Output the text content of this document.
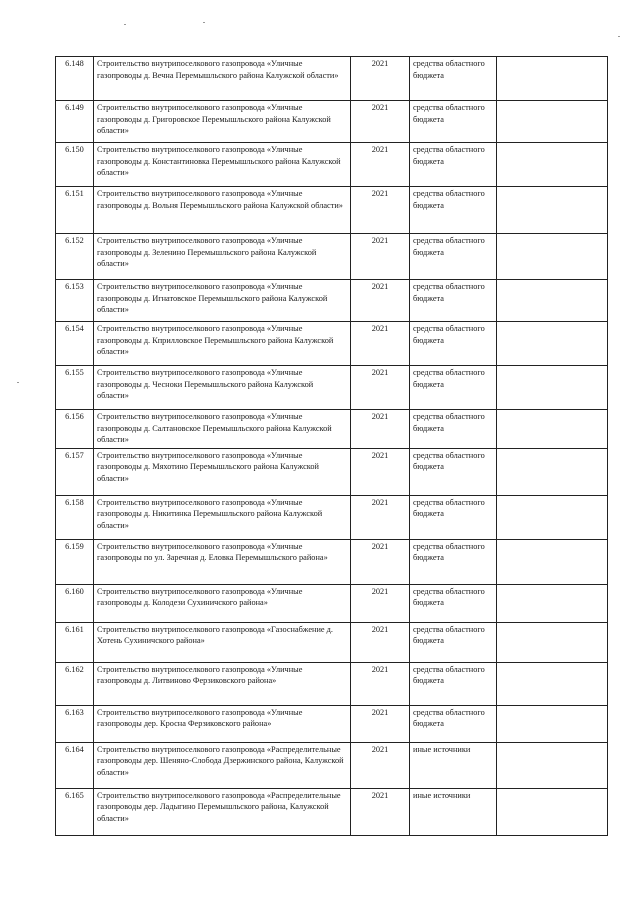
6.148	Строительство внутрипоселкового газопровода «Уличные газопроводы д. Вечна Перемышльского района Калужской области»	2021	средства областного бюджета	
6.149	Строительство внутрипоселкового газопровода «Уличные газопроводы д. Григоровское Перемышльского района Калужской области»	2021	средства областного бюджета	
6.150	Строительство внутрипоселкового газопровода «Уличные газопроводы д. Константиновка Перемышльского района Калужской области»	2021	средства областного бюджета	
6.151	Строительство внутрипоселкового газопровода «Уличные газопроводы д. Вольня Перемышльского района Калужской области»	2021	средства областного бюджета	
6.152	Строительство внутрипоселкового газопровода «Уличные газопроводы д. Зеленино Перемышльского района Калужской области»	2021	средства областного бюджета	
6.153	Строительство внутрипоселкового газопровода «Уличные газопроводы д. Игнатовское Перемышльского района Калужской области»	2021	средства областного бюджета	
6.154	Строительство внутрипоселкового газопровода «Уличные газопроводы д. Кприлловское Перемышльского района Калужской области»	2021	средства областного бюджета	
6.155	Строительство внутрипоселкового газопровода «Уличные газопроводы д. Чесноки Перемышльского района Калужской области»	2021	средства областного бюджета	
6.156	Строительство внутрипоселкового газопровода «Уличные газопроводы д. Салтановское Перемышльского района Калужской области»	2021	средства областного бюджета	
6.157	Строительство внутрипоселкового газопровода «Уличные газопроводы д. Мяхотино Перемышльского района Калужской области»	2021	средства областного бюджета	
6.158	Строительство внутрипоселкового газопровода «Уличные газопроводы д. Никитинка Перемышльского района Калужской области»	2021	средства областного бюджета	
6.159	Строительство внутрипоселкового газопровода «Уличные газопроводы по ул. Заречная д. Еловка Перемышльского района»	2021	средства областного бюджета	
6.160	Строительство внутрипоселкового газопровода «Уличные газопроводы д. Колодези Сухиничского района»	2021	средства областного бюджета	
6.161	Строительство внутрипоселкового газопровода «Газоснабжение д. Хотень Сухиничского района»	2021	средства областного бюджета	
6.162	Строительство внутрипоселкового газопровода «Уличные газопроводы д. Литвиново Ферзиковского района»	2021	средства областного бюджета	
6.163	Строительство внутрипоселкового газопровода «Уличные газопроводы дер. Кросна Ферзиковского района»	2021	средства областного бюджета	
6.164	Строительство внутрипоселкового газопровода «Распределительные газопроводы дер. Шеняно-Слобода Дзержинского района, Калужской области»	2021	иные источники	
6.165	Строительство внутрипоселкового газопровода «Распределительные газопроводы дер. Ладыгино Перемышльского района, Калужской области»	2021	иные источники	
